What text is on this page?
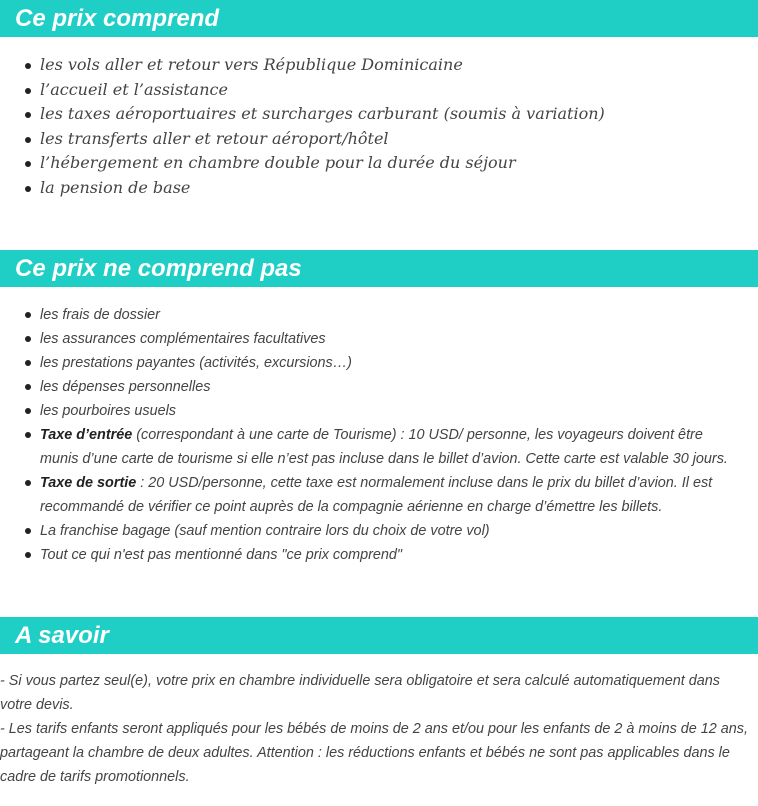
Ce prix comprend
les vols aller et retour vers République Dominicaine
l’accueil et l’assistance
les taxes aéroportuaires et surcharges carburant (soumis à variation)
les transferts aller et retour aéroport/hôtel
l’hébergement en chambre double pour la durée du séjour
la pension de base
Ce prix ne comprend pas
les frais de dossier
les assurances complémentaires facultatives
les prestations payantes (activités, excursions…)
les dépenses personnelles
les pourboires usuels
Taxe d’entrée (correspondant à une carte de Tourisme) : 10 USD/ personne, les voyageurs doivent être munis d’une carte de tourisme si elle n’est pas incluse dans le billet d’avion. Cette carte est valable 30 jours.
Taxe de sortie : 20 USD/personne, cette taxe est normalement incluse dans le prix du billet d’avion. Il est recommandé de vérifier ce point auprès de la compagnie aérienne en charge d’émettre les billets.
La franchise bagage (sauf mention contraire lors du choix de votre vol)
Tout ce qui n'est pas mentionné dans "ce prix comprend"
A savoir

- Si vous partez seul(e), votre prix en chambre individuelle sera obligatoire et sera calculé automatiquement dans votre devis.

- Les tarifs enfants seront appliqués pour les bébés de moins de 2 ans et/ou pour les enfants de 2 à moins de 12 ans, partageant la chambre de deux adultes. Attention : les réductions enfants et bébés ne sont pas applicables dans le cadre de tarifs promotionnels.
